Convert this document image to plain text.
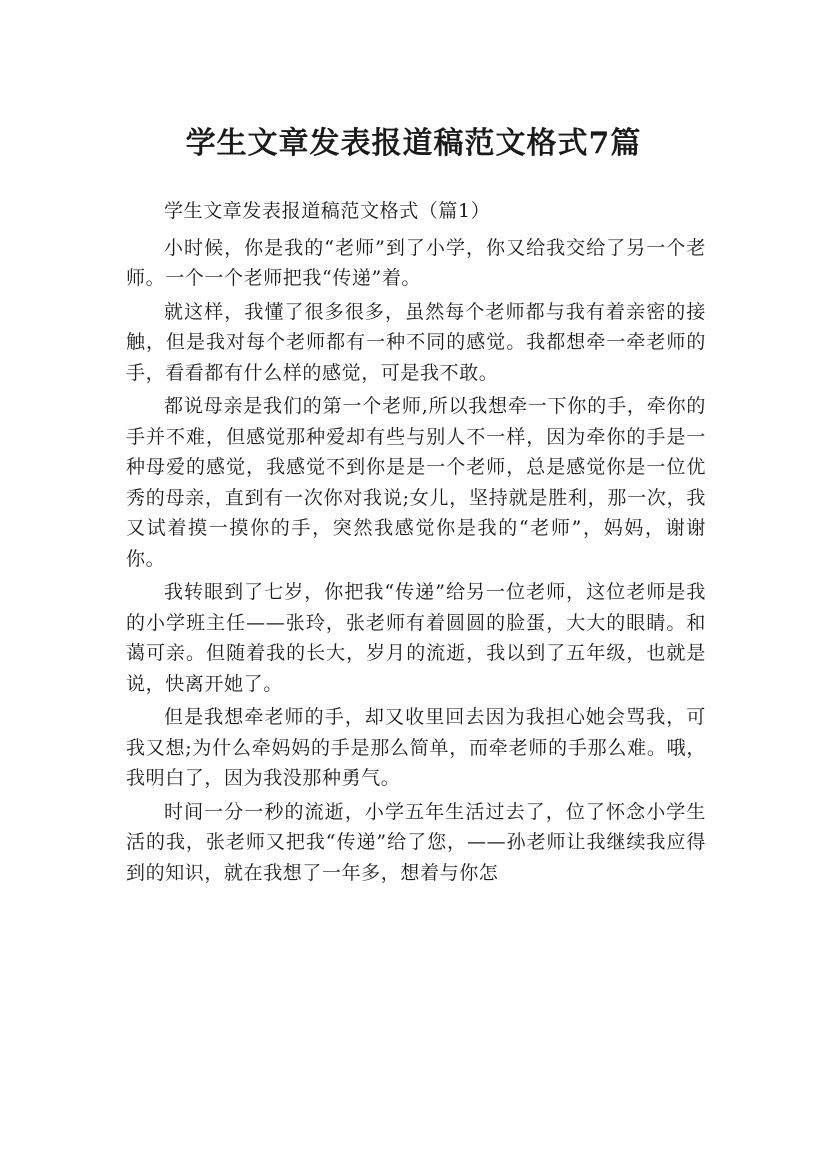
学生文章发表报道稿范文格式7篇

学生文章发表报道稿范文格式（篇1）

小时候，你是我的“老师”到了小学，你又给我交给了另一个老师。一个一个老师把我“传递”着。

就这样，我懂了很多很多，虽然每个老师都与我有着亲密的接触，但是我对每个老师都有一种不同的感觉。我都想牵一牵老师的手，看看都有什么样的感觉，可是我不敢。

都说母亲是我们的第一个老师,所以我想牵一下你的手，牵你的手并不难，但感觉那种爱却有些与别人不一样，因为牵你的手是一种母爱的感觉，我感觉不到你是是一个老师，总是感觉你是一位优秀的母亲，直到有一次你对我说;女儿，坚持就是胜利，那一次，我又试着摸一摸你的手，突然我感觉你是我的“老师”，妈妈，谢谢你。

我转眼到了七岁，你把我“传递”给另一位老师，这位老师是我的小学班主任——张玲，张老师有着圆圆的脸蛋，大大的眼睛。和蔼可亲。但随着我的长大，岁月的流逝，我以到了五年级，也就是说，快离开她了。

但是我想牵老师的手，却又收里回去因为我担心她会骂我，可我又想;为什么牵妈妈的手是那么简单，而牵老师的手那么难。哦，我明白了，因为我没那种勇气。

时间一分一秒的流逝，小学五年生活过去了，位了怀念小学生活的我，张老师又把我“传递”给了您，——孙老师让我继续我应得到的知识，就在我想了一年多，想着与你怎
